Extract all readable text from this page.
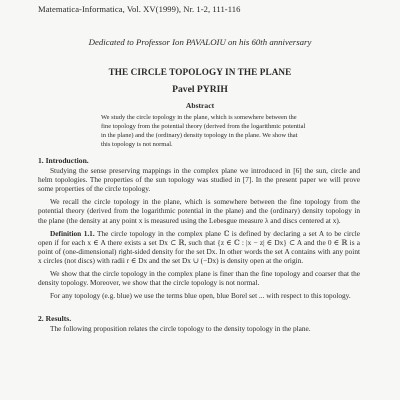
Matematica-Informatica, Vol. XV(1999), Nr. 1-2, 111-116
Dedicated to Professor Ion PAVALOIU on his 60th anniversary
THE CIRCLE TOPOLOGY IN THE PLANE
Pavel PYRIH
Abstract
We study the circle topology in the plane, which is somewhere between the fine topology from the potential theory (derived from the logarithmic potential in the plane) and the (ordinary) density topology in the plane. We show that this topology is not normal.
1. Introduction.

Studying the sense preserving mappings in the complex plane we introduced in [6] the sun, circle and helm topologies. The properties of the sun topology was studied in [7]. In the present paper we will prove some properties of the circle topology.

We recall the circle topology in the plane, which is somewhere between the fine topology from the potential theory (derived from the logarithmic potential in the plane) and the (ordinary) density topology in the plane (the density at any point x is measured using the Lebesgue measure λ and discs centered at x).

Definition 1.1. The circle topology in the complex plane ℂ is defined by declaring a set A to be circle open if for each x ∈ A there exists a set Dx ⊂ ℝ, such that {z ∈ ℂ : |x − z| ∈ Dx} ⊂ A and the 0 ∈ ℝ is a point of (one-dimensional) right-sided density for the set Dx. In other words the set A contains with any point x circles (not discs) with radii r ∈ Dx and the set Dx ∪ (−Dx) is density open at the origin.

We show that the circle topology in the complex plane is finer than the fine topology and coarser that the density topology. Moreover, we show that the circle topology is not normal.

For any topology (e.g. blue) we use the terms blue open, blue Borel set ... with respect to this topology.

2. Results.

The following proposition relates the circle topology to the density topology in the plane.
